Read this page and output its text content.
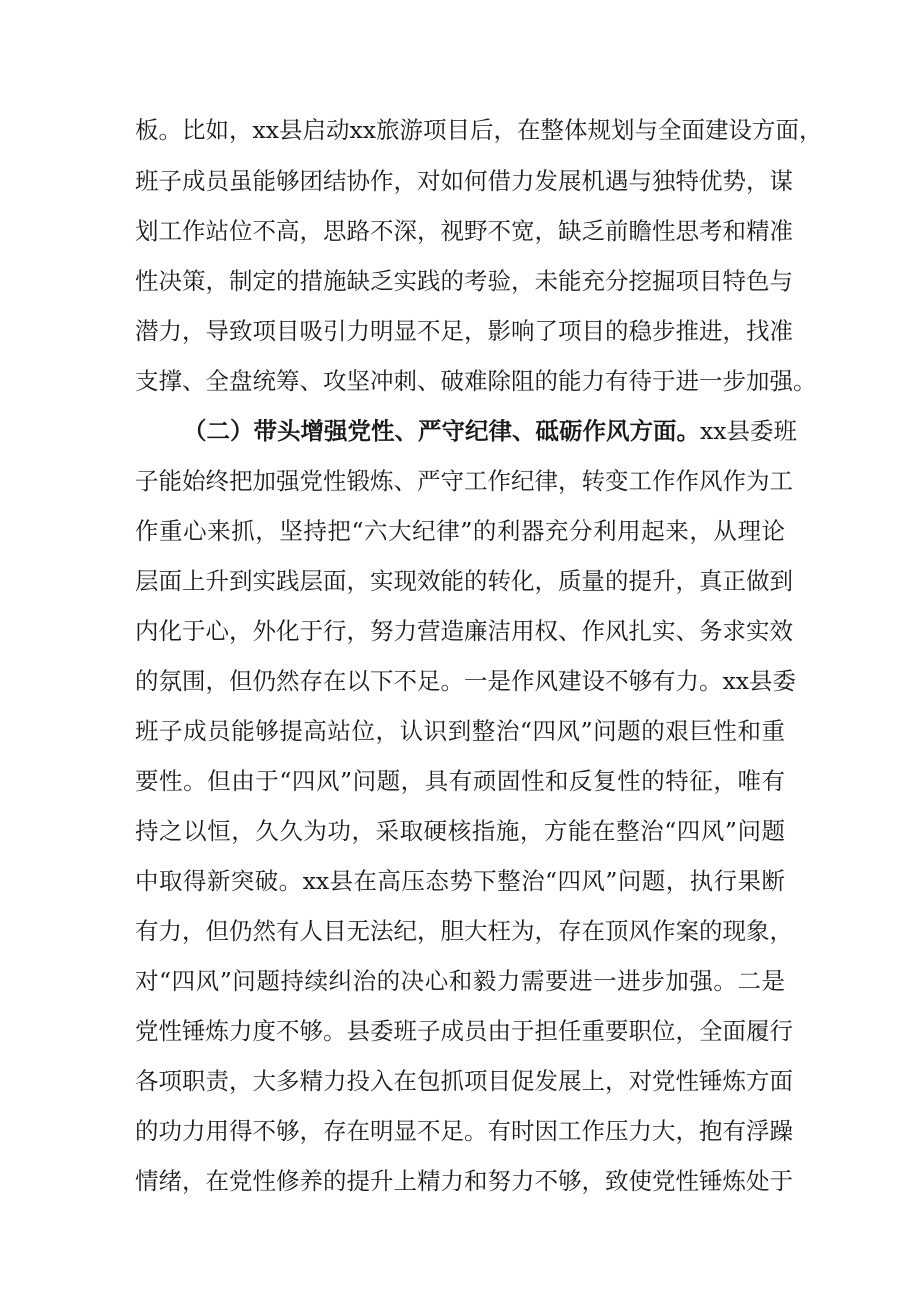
板。比如，xx县启动xx旅游项目后，在整体规划与全面建设方面，
班子成员虽能够团结协作，对如何借力发展机遇与独特优势，谋
划工作站位不高，思路不深，视野不宽，缺乏前瞻性思考和精准
性决策，制定的措施缺乏实践的考验，未能充分挖掘项目特色与
潜力，导致项目吸引力明显不足，影响了项目的稳步推进，找准
支撑、全盘统筹、攻坚冲刺、破难除阻的能力有待于进一步加强。
（二）带头增强党性、严守纪律、砥砺作风方面。xx县委班
子能始终把加强党性锻炼、严守工作纪律，转变工作作风作为工
作重心来抓，坚持把“六大纪律”的利器充分利用起来，从理论
层面上升到实践层面，实现效能的转化，质量的提升，真正做到
内化于心，外化于行，努力营造廉洁用权、作风扎实、务求实效
的氛围，但仍然存在以下不足。一是作风建设不够有力。xx县委
班子成员能够提高站位，认识到整治“四风”问题的艰巨性和重
要性。但由于“四风”问题，具有顽固性和反复性的特征，唯有
持之以恒，久久为功，采取硬核指施，方能在整治“四风”问题
中取得新突破。xx县在高压态势下整治“四风”问题，执行果断
有力，但仍然有人目无法纪，胆大枉为，存在顶风作案的现象，
对“四风”问题持续纠治的决心和毅力需要进一进步加强。二是
党性锤炼力度不够。县委班子成员由于担任重要职位，全面履行
各项职责，大多精力投入在包抓项目促发展上，对党性锤炼方面
的功力用得不够，存在明显不足。有时因工作压力大，抱有浮躁
情绪，在党性修养的提升上精力和努力不够，致使党性锤炼处于
